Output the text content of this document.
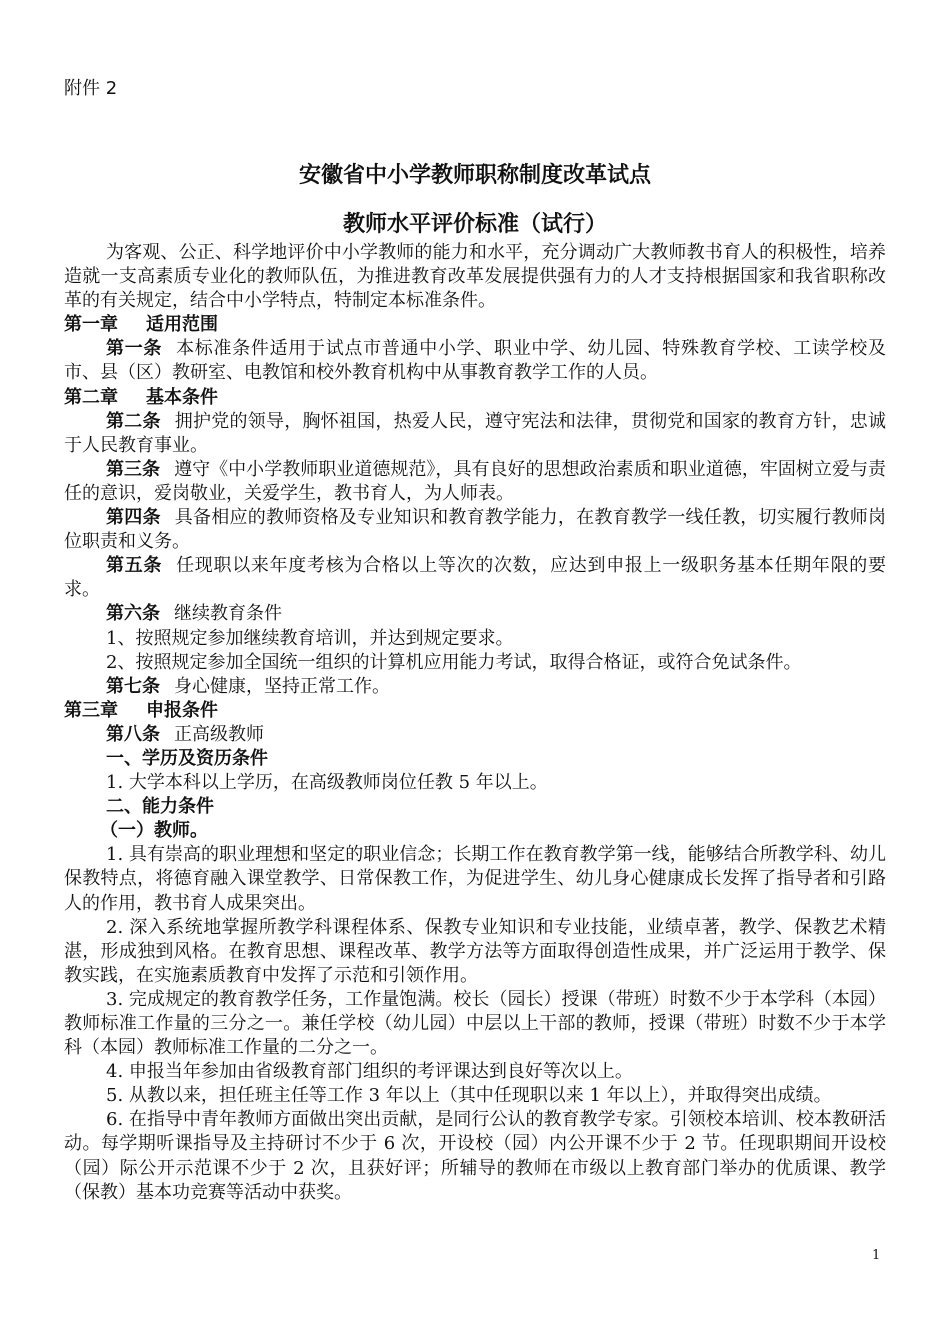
附件 2
安徽省中小学教师职称制度改革试点
教师水平评价标准（试行）

为客观、公正、科学地评价中小学教师的能力和水平，充分调动广大教师教书育人的积极性，培养造就一支高素质专业化的教师队伍，为推进教育改革发展提供强有力的人才支持根据国家和我省职称改革的有关规定，结合中小学特点，特制定本标准条件。

第一章 适用范围

第一条 本标准条件适用于试点市普通中小学、职业中学、幼儿园、特殊教育学校、工读学校及市、县（区）教研室、电教馆和校外教育机构中从事教育教学工作的人员。

第二章 基本条件

第二条 拥护党的领导，胸怀祖国，热爱人民，遵守宪法和法律，贯彻党和国家的教育方针，忠诚于人民教育事业。

第三条 遵守《中小学教师职业道德规范》，具有良好的思想政治素质和职业道德，牢固树立爱与责任的意识，爱岗敬业，关爱学生，教书育人，为人师表。

第四条 具备相应的教师资格及专业知识和教育教学能力，在教育教学一线任教，切实履行教师岗位职责和义务。

第五条 任现职以来年度考核为合格以上等次的次数，应达到申报上一级职务基本任期年限的要求。

第六条 继续教育条件

1、按照规定参加继续教育培训，并达到规定要求。

2、按照规定参加全国统一组织的计算机应用能力考试，取得合格证，或符合免试条件。

第七条 身心健康，坚持正常工作。

第三章 申报条件

第八条 正高级教师

一、学历及资历条件

1. 大学本科以上学历，在高级教师岗位任教 5 年以上。

二、能力条件

（一）教师。

1. 具有崇高的职业理想和坚定的职业信念；长期工作在教育教学第一线，能够结合所教学科、幼儿保教特点，将德育融入课堂教学、日常保教工作，为促进学生、幼儿身心健康成长发挥了指导者和引路人的作用，教书育人成果突出。

2. 深入系统地掌握所教学科课程体系、保教专业知识和专业技能，业绩卓著，教学、保教艺术精湛，形成独到风格。在教育思想、课程改革、教学方法等方面取得创造性成果，并广泛运用于教学、保教实践，在实施素质教育中发挥了示范和引领作用。

3. 完成规定的教育教学任务，工作量饱满。校长（园长）授课（带班）时数不少于本学科（本园）教师标准工作量的三分之一。兼任学校（幼儿园）中层以上干部的教师，授课（带班）时数不少于本学科（本园）教师标准工作量的二分之一。

4. 申报当年参加由省级教育部门组织的考评课达到良好等次以上。

5. 从教以来，担任班主任等工作 3 年以上（其中任现职以来 1 年以上），并取得突出成绩。

6. 在指导中青年教师方面做出突出贡献，是同行公认的教育教学专家。引领校本培训、校本教研活动。每学期听课指导及主持研讨不少于 6 次，开设校（园）内公开课不少于 2 节。任现职期间开设校（园）际公开示范课不少于 2 次，且获好评；所辅导的教师在市级以上教育部门举办的优质课、教学（保教）基本功竞赛等活动中获奖。

1
